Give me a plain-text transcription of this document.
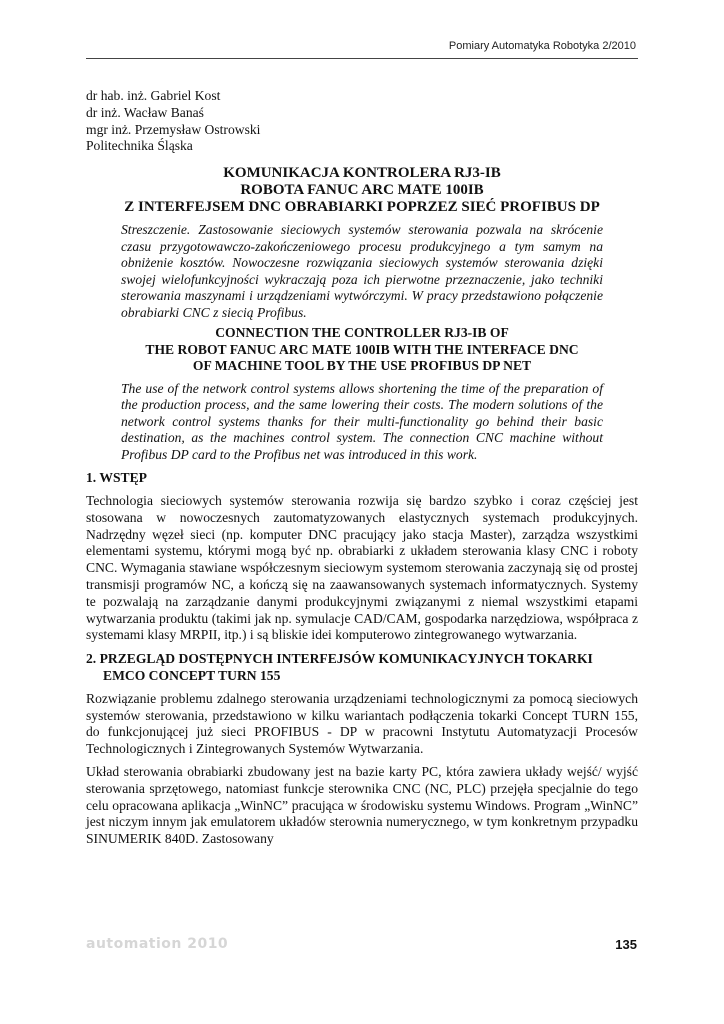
Pomiary Automatyka Robotyka 2/2010
dr hab. inż. Gabriel Kost
dr inż. Wacław Banaś
mgr inż. Przemysław Ostrowski
Politechnika Śląska
KOMUNIKACJA KONTROLERA RJ3-IB
ROBOTA FANUC ARC MATE 100IB
Z INTERFEJSEM DNC OBRABIARKI POPRZEZ SIEĆ PROFIBUS DP
Streszczenie. Zastosowanie sieciowych systemów sterowania pozwala na skrócenie czasu przygotowawczo-zakończeniowego procesu produkcyjnego a tym samym na obniżenie kosztów. Nowoczesne rozwiązania sieciowych systemów sterowania dzięki swojej wielofunkcyjności wykraczają poza ich pierwotne przeznaczenie, jako techniki sterowania maszynami i urządzeniami wytwórczymi. W pracy przedstawiono połączenie obrabiarki CNC z siecią Profibus.
CONNECTION THE CONTROLLER RJ3-IB OF
THE ROBOT FANUC ARC MATE 100IB WITH THE INTERFACE DNC
OF MACHINE TOOL BY THE USE PROFIBUS DP NET
The use of the network control systems allows shortening the time of the preparation of the production process, and the same lowering their costs. The modern solutions of the network control systems thanks for their multi-functionality go behind their basic destination, as the machines control system. The connection CNC machine without Profibus DP card to the Profibus net was introduced in this work.
1. WSTĘP

Technologia sieciowych systemów sterowania rozwija się bardzo szybko i coraz częściej jest stosowana w nowoczesnych zautomatyzowanych elastycznych systemach produkcyjnych. Nadrzędny węzeł sieci (np. komputer DNC pracujący jako stacja Master), zarządza wszystkimi elementami systemu, którymi mogą być np. obrabiarki z układem sterowania klasy CNC i roboty CNC. Wymagania stawiane współczesnym sieciowym systemom sterowania zaczynają się od prostej transmisji programów NC, a kończą się na zaawansowanych systemach informatycznych. Systemy te pozwalają na zarządzanie danymi produkcyjnymi związanymi z niemal wszystkimi etapami wytwarzania produktu (takimi jak np. symulacje CAD/CAM, gospodarka narzędziowa, współpraca z systemami klasy MRPII, itp.) i są bliskie idei komputerowo zintegrowanego wytwarzania.

2. PRZEGLĄD DOSTĘPNYCH INTERFEJSÓW KOMUNIKACYJNYCH TOKARKI
EMCO CONCEPT TURN 155

Rozwiązanie problemu zdalnego sterowania urządzeniami technologicznymi za pomocą sieciowych systemów sterowania, przedstawiono w kilku wariantach podłączenia tokarki Concept TURN 155, do funkcjonującej już sieci PROFIBUS - DP w pracowni Instytutu Automatyzacji Procesów Technologicznych i Zintegrowanych Systemów Wytwarzania.

Układ sterowania obrabiarki zbudowany jest na bazie karty PC, która zawiera układy wejść/ wyjść sterowania sprzętowego, natomiast funkcje sterownika CNC (NC, PLC) przejęła specjalnie do tego celu opracowana aplikacja „WinNC” pracująca w środowisku systemu Windows. Program „WinNC” jest niczym innym jak emulatorem układów sterownia numerycznego, w tym konkretnym przypadku SINUMERIK 840D. Zastosowany

automation 2010	135
